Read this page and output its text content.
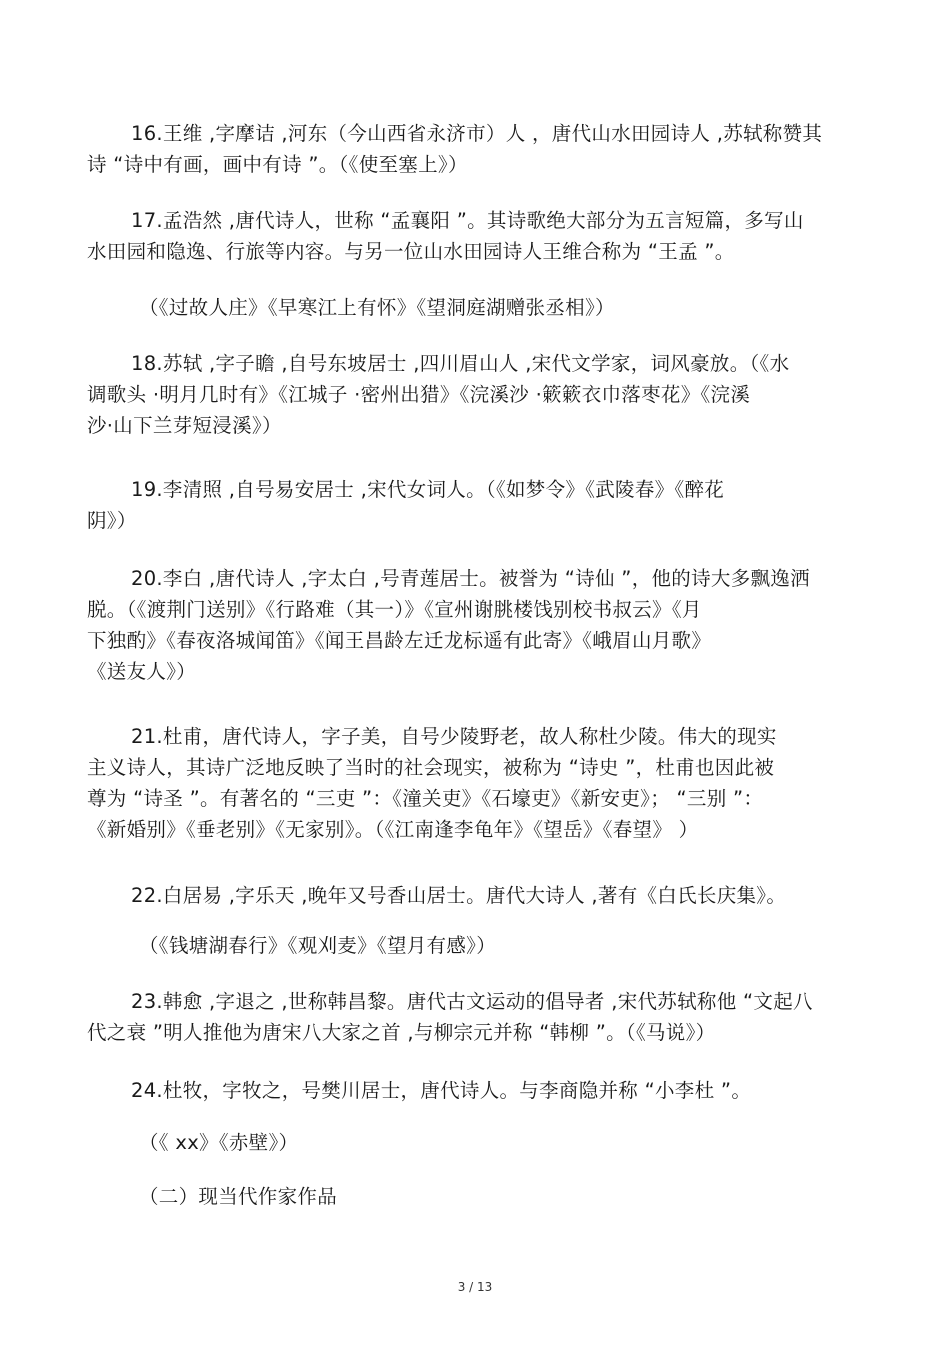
16.王维 ,字摩诘 ,河东（今山西省永济市）人 ，唐代山水田园诗人 ,苏轼称赞其
诗 “诗中有画，画中有诗 ”。（《使至塞上》）

17.孟浩然 ,唐代诗人，世称 “孟襄阳 ”。其诗歌绝大部分为五言短篇，多写山
水田园和隐逸、行旅等内容。与另一位山水田园诗人王维合称为 “王孟 ”。

（《过故人庄》《早寒江上有怀》《望洞庭湖赠张丞相》）

18.苏轼 ,字子瞻 ,自号东坡居士 ,四川眉山人 ,宋代文学家，词风豪放。（《水
调歌头 ·明月几时有》《江城子 ·密州出猎》《浣溪沙 ·簌簌衣巾落枣花》《浣溪
沙·山下兰芽短浸溪》）

19.李清照 ,自号易安居士 ,宋代女词人。（《如梦令》《武陵春》《醉花
阴》）

20.李白 ,唐代诗人 ,字太白 ,号青莲居士。被誉为 “诗仙 ”，他的诗大多飘逸洒
脱。（《渡荆门送别》《行路难（其一）》《宣州谢朓楼饯别校书叔云》《月
下独酌》《春夜洛城闻笛》《闻王昌龄左迁龙标遥有此寄》《峨眉山月歌》
《送友人》）

21.杜甫，唐代诗人，字子美，自号少陵野老，故人称杜少陵。伟大的现实
主义诗人，其诗广泛地反映了当时的社会现实，被称为 “诗史 ”，杜甫也因此被
尊为 “诗圣 ”。有著名的 “三吏 ”：《潼关吏》《石壕吏》《新安吏》； “三别 ”：
《新婚别》《垂老别》《无家别》。（《江南逢李龟年》《望岳》《春望》 ）

22.白居易 ,字乐天 ,晚年又号香山居士。唐代大诗人 ,著有《白氏长庆集》。

（《钱塘湖春行》《观刈麦》《望月有感》）

23.韩愈 ,字退之 ,世称韩昌黎。唐代古文运动的倡导者 ,宋代苏轼称他 “文起八
代之衰 ”明人推他为唐宋八大家之首 ,与柳宗元并称 “韩柳 ”。（《马说》）

24.杜牧，字牧之，号樊川居士，唐代诗人。与李商隐并称 “小李杜 ”。

（《 xx》《赤壁》）

（二）现当代作家作品

3 / 13
